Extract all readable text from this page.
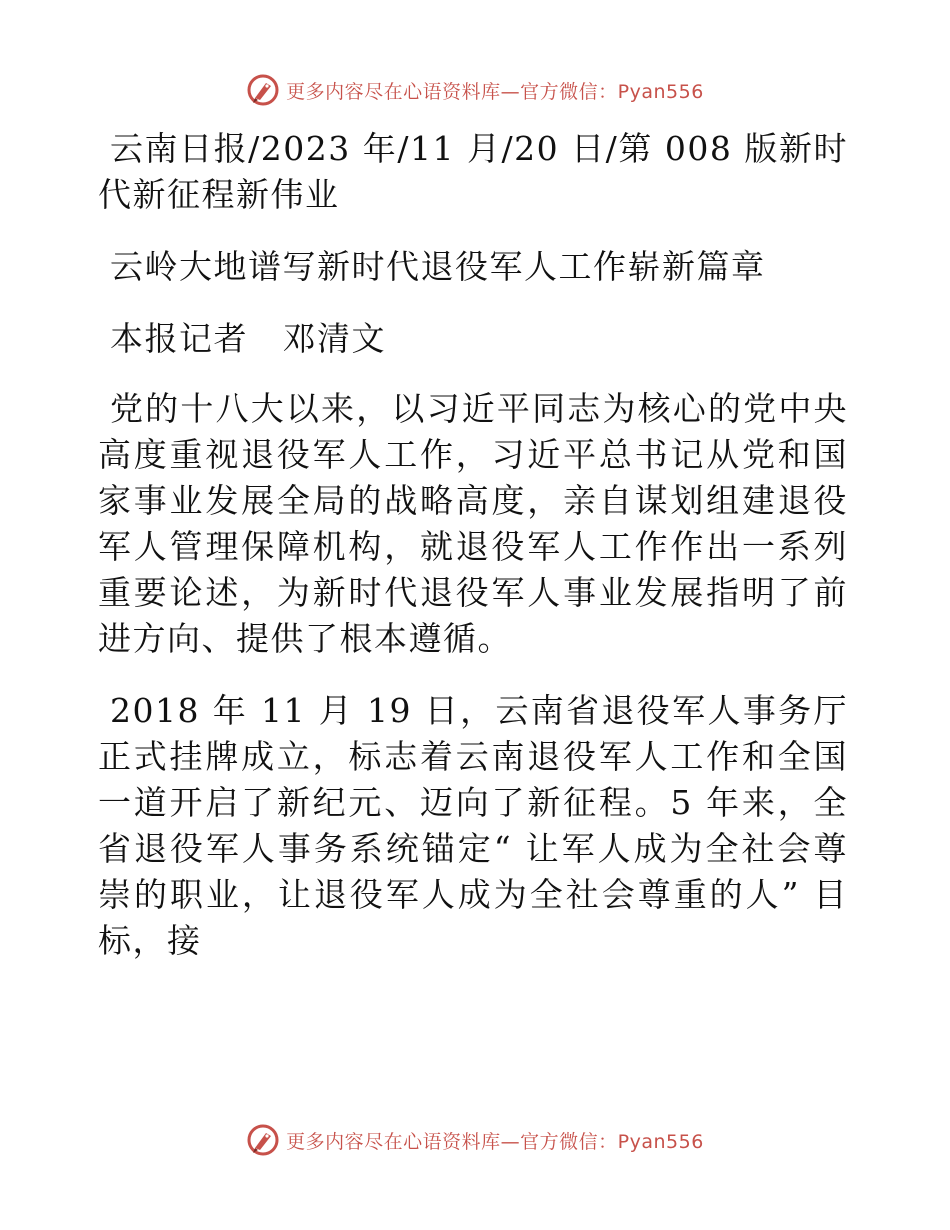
更多内容尽在心语资料库—官方微信：Pyan556

云南日报/2023 年/11 月/20 日/第 008 版新时代新征程新伟业

云岭大地谱写新时代退役军人工作崭新篇章

本报记者　邓清文

党的十八大以来，以习近平同志为核心的党中央高度重视退役军人工作，习近平总书记从党和国家事业发展全局的战略高度，亲自谋划组建退役军人管理保障机构，就退役军人工作作出一系列重要论述，为新时代退役军人事业发展指明了前进方向、提供了根本遵循。

2018 年 11 月 19 日，云南省退役军人事务厅正式挂牌成立，标志着云南退役军人工作和全国一道开启了新纪元、迈向了新征程。5 年来，全省退役军人事务系统锚定“ 让军人成为全社会尊崇的职业，让退役军人成为全社会尊重的人” 目标，接

更多内容尽在心语资料库—官方微信：Pyan556
